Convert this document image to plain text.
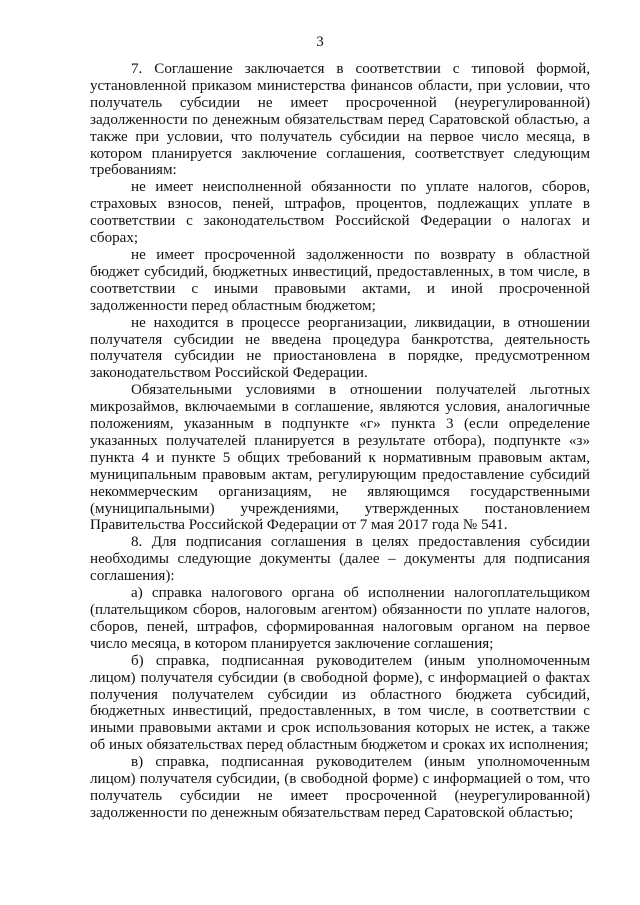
3

7. Соглашение заключается в соответствии с типовой формой, установленной приказом министерства финансов области, при условии, что получатель субсидии не имеет просроченной (неурегулированной) задолженности по денежным обязательствам перед Саратовской областью, а также при условии, что получатель субсидии на первое число месяца, в котором планируется заключение соглашения, соответствует следующим требованиям:

не имеет неисполненной обязанности по уплате налогов, сборов, страховых взносов, пеней, штрафов, процентов, подлежащих уплате в соответствии с законодательством Российской Федерации о налогах и сборах;

не имеет просроченной задолженности по возврату в областной бюджет субсидий, бюджетных инвестиций, предоставленных, в том числе, в соответствии с иными правовыми актами, и иной просроченной задолженности перед областным бюджетом;

не находится в процессе реорганизации, ликвидации, в отношении получателя субсидии не введена процедура банкротства, деятельность получателя субсидии не приостановлена в порядке, предусмотренном законодательством Российской Федерации.

Обязательными условиями в отношении получателей льготных микрозаймов, включаемыми в соглашение, являются условия, аналогичные положениям, указанным в подпункте «г» пункта 3 (если определение указанных получателей планируется в результате отбора), подпункте «з» пункта 4 и пункте 5 общих требований к нормативным правовым актам, муниципальным правовым актам, регулирующим предоставление субсидий некоммерческим организациям, не являющимся государственными (муниципальными) учреждениями, утвержденных постановлением Правительства Российской Федерации от 7 мая 2017 года № 541.

8. Для подписания соглашения в целях предоставления субсидии необходимы следующие документы (далее – документы для подписания соглашения):

а) справка налогового органа об исполнении налогоплательщиком (плательщиком сборов, налоговым агентом) обязанности по уплате налогов, сборов, пеней, штрафов, сформированная налоговым органом на первое число месяца, в котором планируется заключение соглашения;

б) справка, подписанная руководителем (иным уполномоченным лицом) получателя субсидии (в свободной форме), с информацией о фактах получения получателем субсидии из областного бюджета субсидий, бюджетных инвестиций, предоставленных, в том числе, в соответствии с иными правовыми актами и срок использования которых не истек, а также об иных обязательствах перед областным бюджетом и сроках их исполнения;

в) справка, подписанная руководителем (иным уполномоченным лицом) получателя субсидии, (в свободной форме) с информацией о том, что получатель субсидии не имеет просроченной (неурегулированной) задолженности по денежным обязательствам перед Саратовской областью;
